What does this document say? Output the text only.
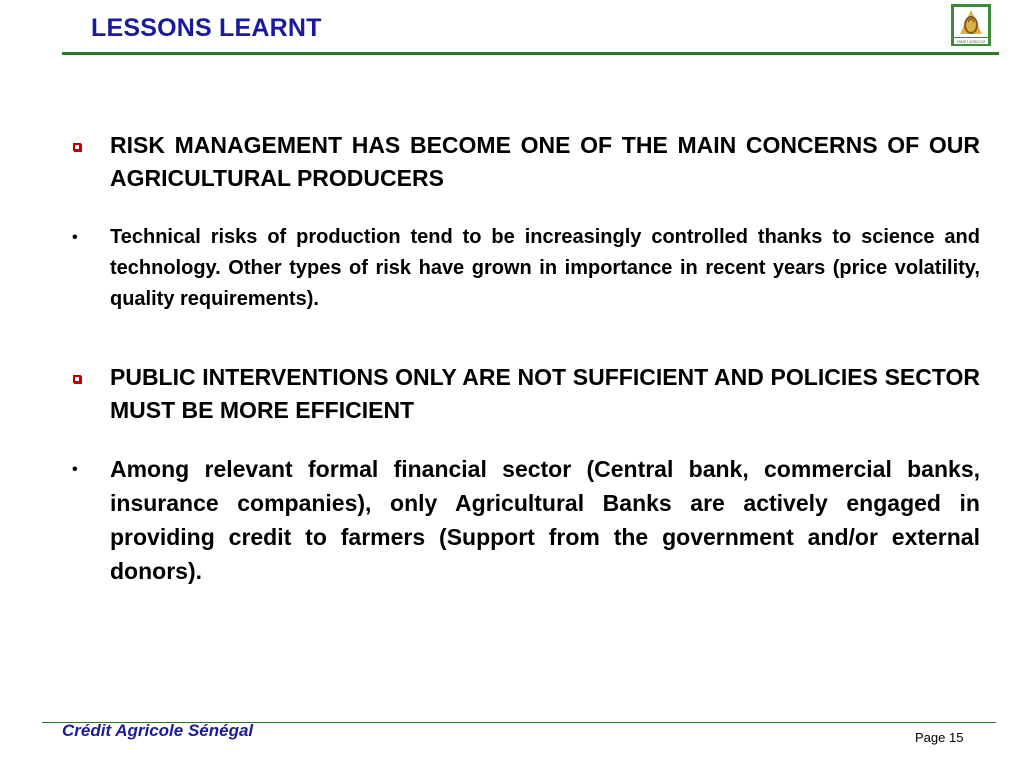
LESSONS LEARNT	CREDIT AGRICOLE
RISK MANAGEMENT HAS BECOME ONE OF THE MAIN CONCERNS OF OUR AGRICULTURAL PRODUCERS
• Technical risks of production tend to be increasingly controlled thanks to science and technology. Other types of risk have grown in importance in recent years (price volatility, quality requirements).
PUBLIC INTERVENTIONS ONLY ARE NOT SUFFICIENT AND POLICIES SECTOR MUST BE MORE EFFICIENT
• Among relevant formal financial sector (Central bank, commercial banks, insurance companies), only Agricultural Banks are actively engaged in providing credit to farmers (Support from the government and/or external donors).
Crédit Agricole Sénégal	Page 15
